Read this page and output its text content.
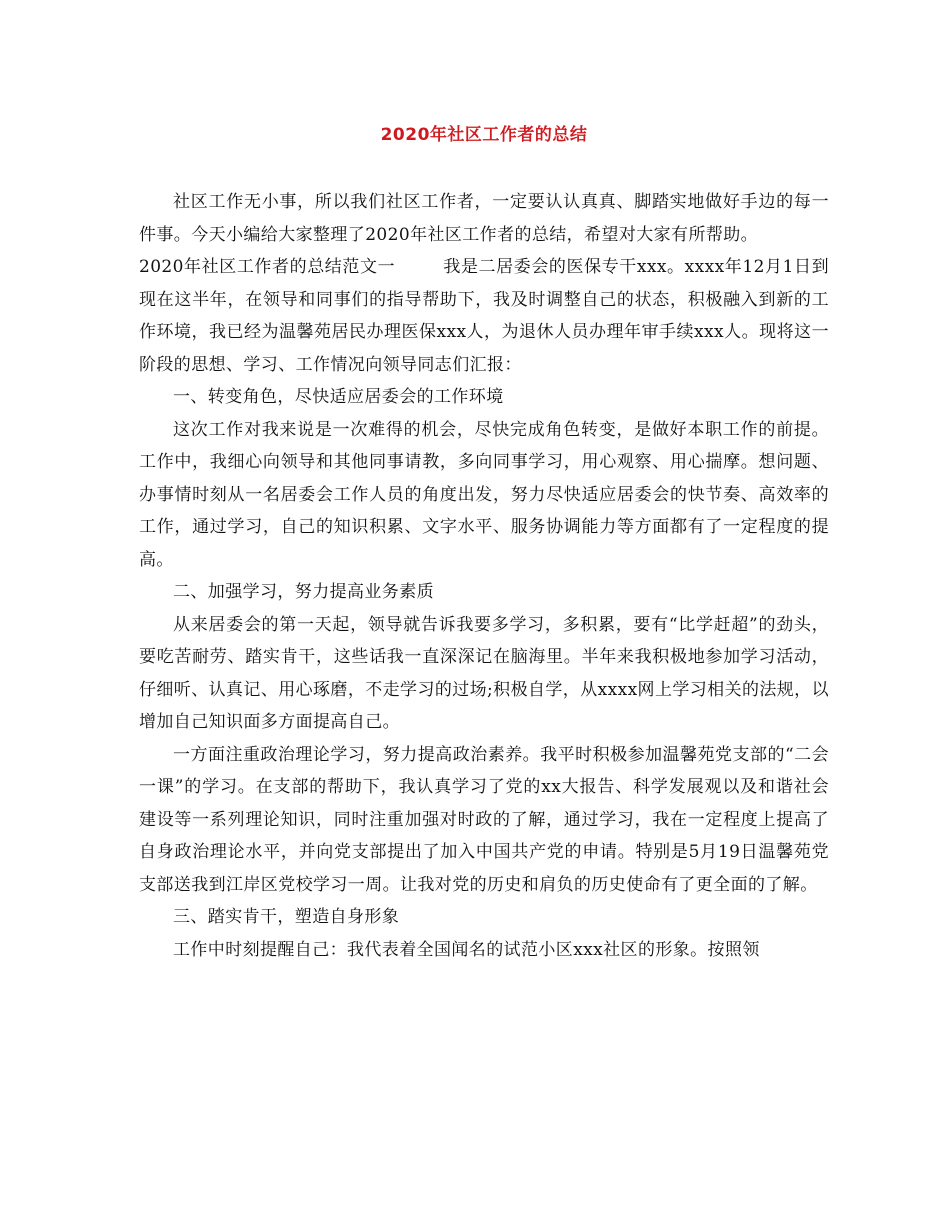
2020年社区工作者的总结

社区工作无小事，所以我们社区工作者，一定要认认真真、脚踏实地做好手边的每一件事。今天小编给大家整理了2020年社区工作者的总结，希望对大家有所帮助。

2020年社区工作者的总结范文一	我是二居委会的医保专干xxx。xxxx年12月1日到现在这半年，在领导和同事们的指导帮助下，我及时调整自己的状态，积极融入到新的工作环境，我已经为温馨苑居民办理医保xxx人，为退休人员办理年审手续xxx人。现将这一阶段的思想、学习、工作情况向领导同志们汇报：

一、转变角色，尽快适应居委会的工作环境

这次工作对我来说是一次难得的机会，尽快完成角色转变，是做好本职工作的前提。工作中，我细心向领导和其他同事请教，多向同事学习，用心观察、用心揣摩。想问题、办事情时刻从一名居委会工作人员的角度出发，努力尽快适应居委会的快节奏、高效率的工作，通过学习，自己的知识积累、文字水平、服务协调能力等方面都有了一定程度的提高。

二、加强学习，努力提高业务素质

从来居委会的第一天起，领导就告诉我要多学习，多积累，要有“比学赶超”的劲头，要吃苦耐劳、踏实肯干，这些话我一直深深记在脑海里。半年来我积极地参加学习活动，仔细听、认真记、用心琢磨，不走学习的过场;积极自学，从xxxx网上学习相关的法规，以增加自己知识面多方面提高自己。

一方面注重政治理论学习，努力提高政治素养。我平时积极参加温馨苑党支部的“二会一课”的学习。在支部的帮助下，我认真学习了党的xx大报告、科学发展观以及和谐社会建设等一系列理论知识，同时注重加强对时政的了解，通过学习，我在一定程度上提高了自身政治理论水平，并向党支部提出了加入中国共产党的申请。特别是5月19日温馨苑党支部送我到江岸区党校学习一周。让我对党的历史和肩负的历史使命有了更全面的了解。

三、踏实肯干，塑造自身形象

工作中时刻提醒自己：我代表着全国闻名的试范小区xxx社区的形象。按照领
